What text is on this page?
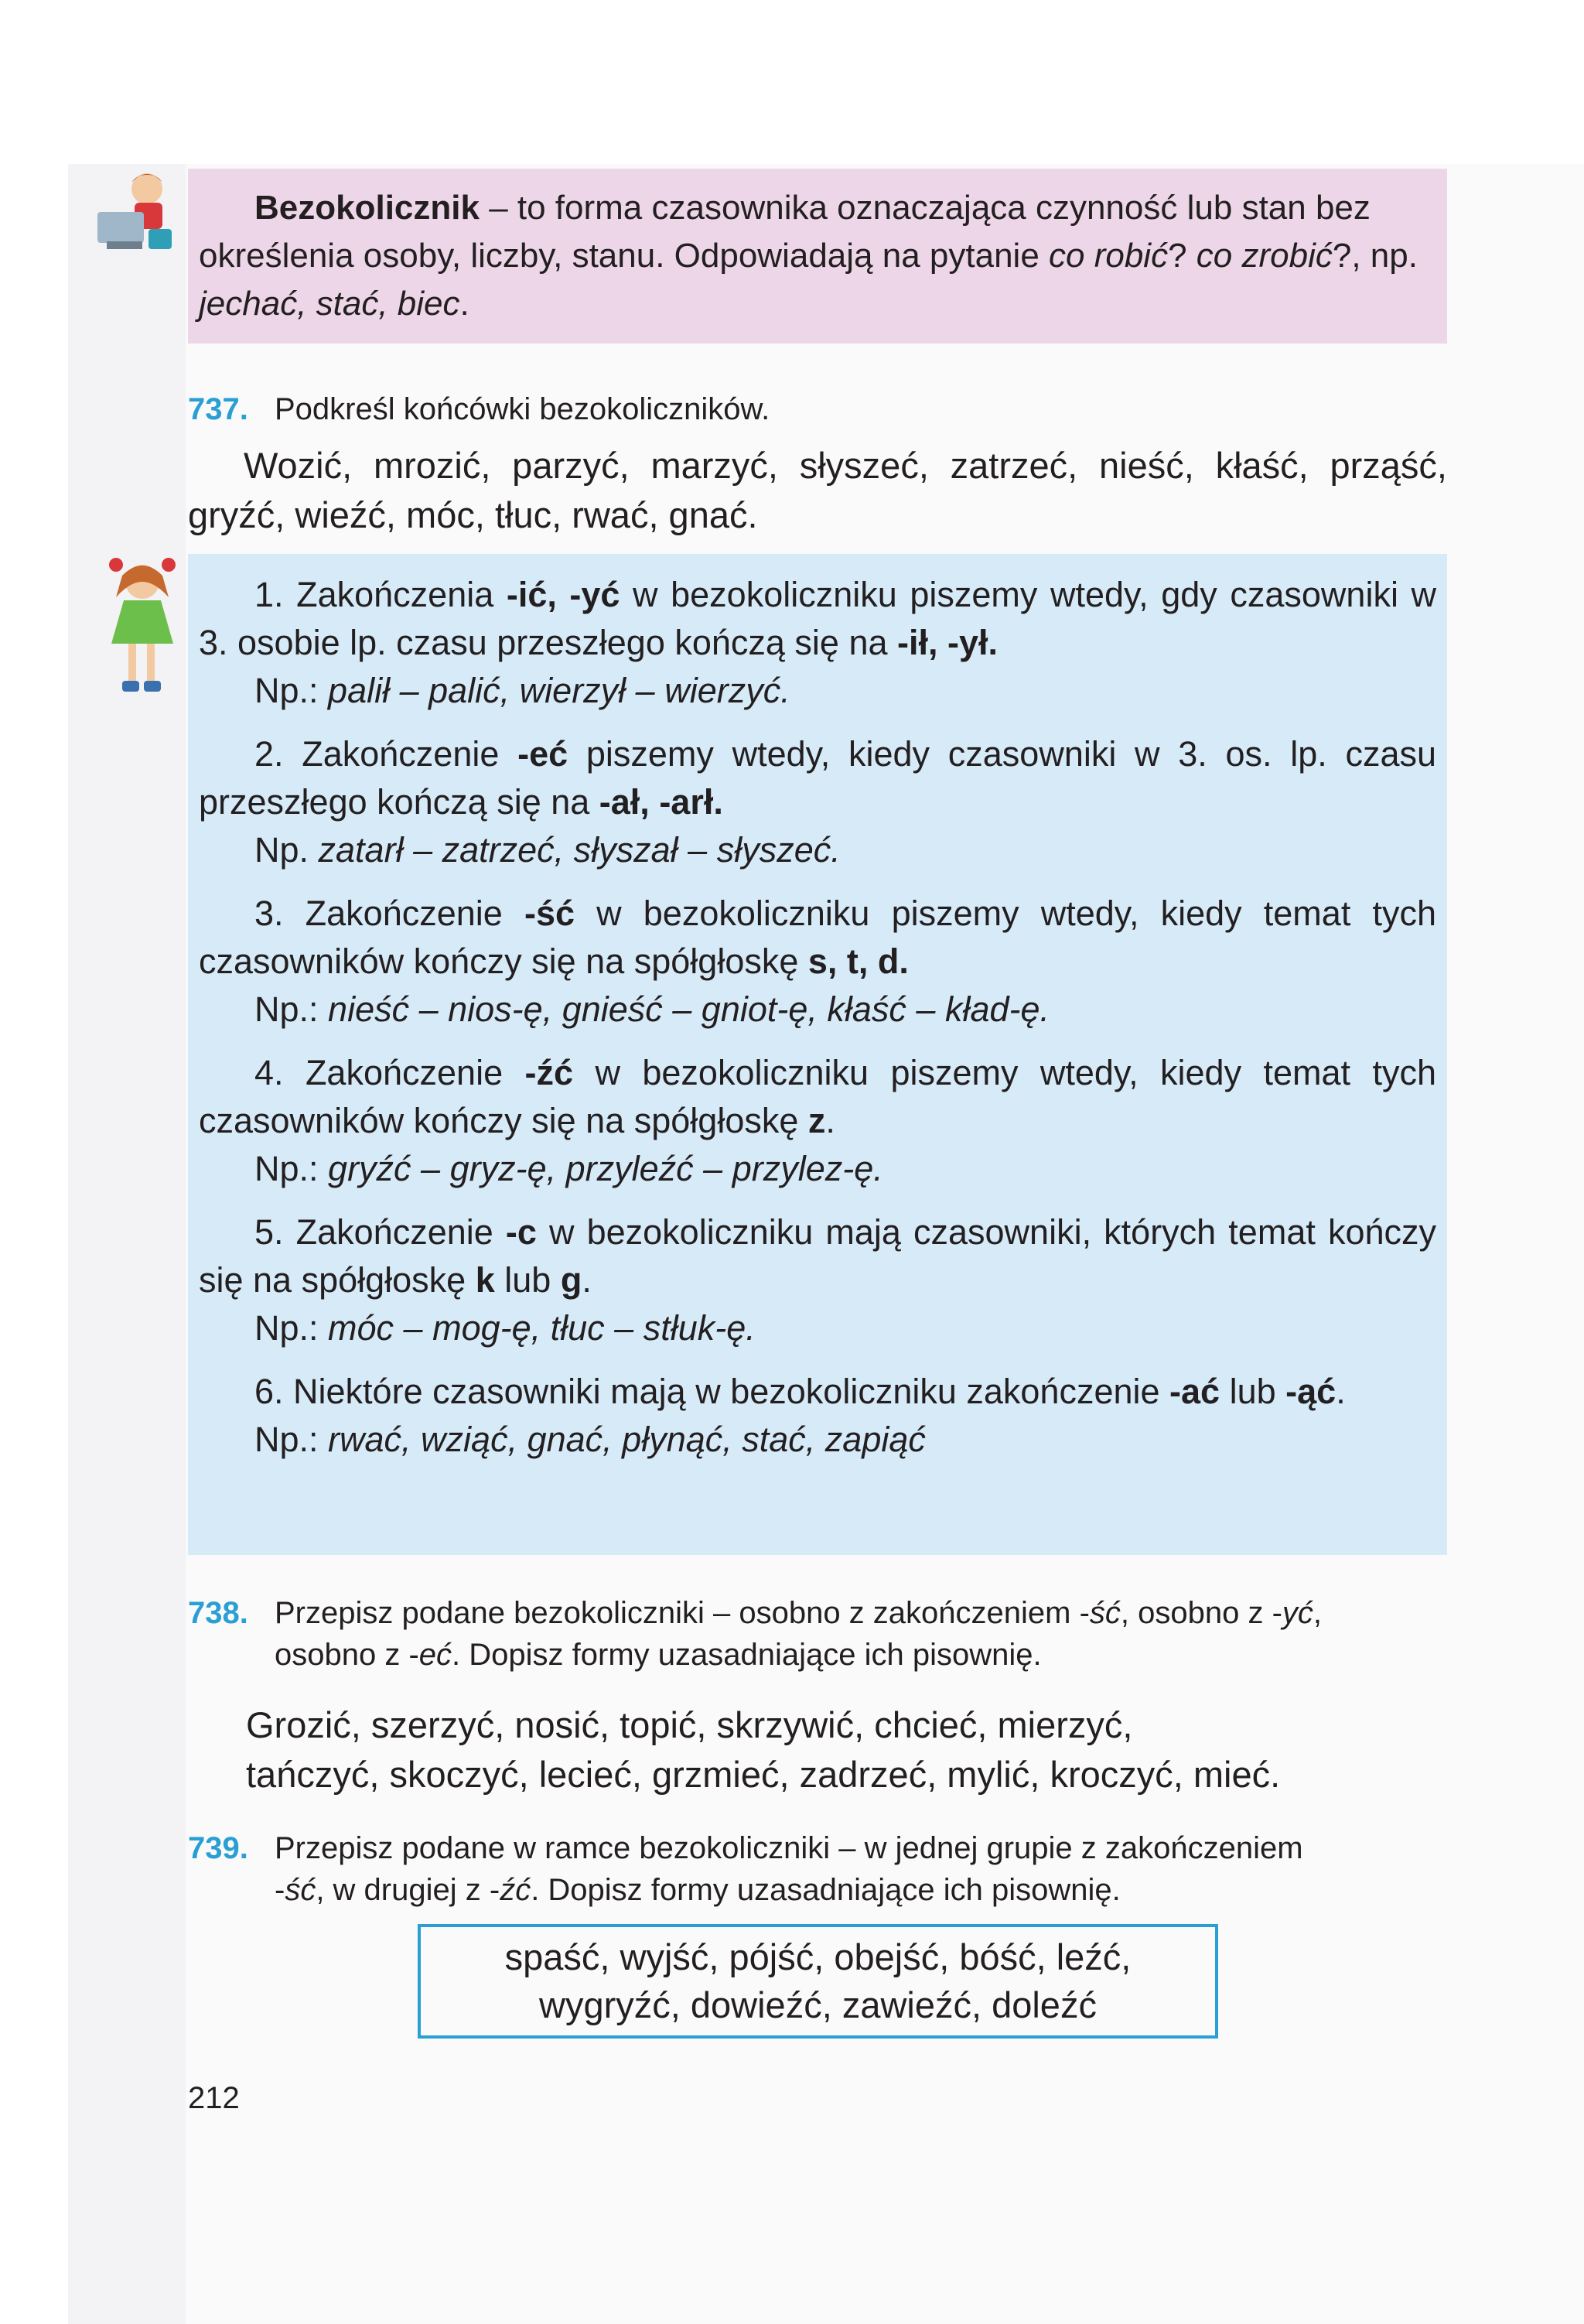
Bezokolicznik – to forma czasownika oznaczająca czynność lub stan bez określenia osoby, liczby, stanu. Odpowiadają na pytanie co robić? co zrobić?, np. jechać, stać, biec.

737. Podkreśl końcówki bezokoliczników.
Wozić, mrozić, parzyć, marzyć, słyszeć, zatrzeć, nieść, kłaść, prząść, gryźć, wieźć, móc, tłuc, rwać, gnać.
1. Zakończenia -ić, -yć w bezokoliczniku piszemy wtedy, gdy czasowniki w 3. osobie lp. czasu przeszłego kończą się na -ił, -ył.
Np.: palił – palić, wierzył – wierzyć.
2. Zakończenie -eć piszemy wtedy, kiedy czasowniki w 3. os. lp. czasu przeszłego kończą się na -ał, -arł.
Np. zatarł – zatrzeć, słyszał – słyszeć.
3. Zakończenie -ść w bezokoliczniku piszemy wtedy, kiedy temat tych czasowników kończy się na spółgłoskę s, t, d.
Np.: nieść – nios-ę, gnieść – gniot-ę, kłaść – kład-ę.
4. Zakończenie -źć w bezokoliczniku piszemy wtedy, kiedy temat tych czasowników kończy się na spółgłoskę z.
Np.: gryźć – gryz-ę, przyleźć – przylez-ę.
5. Zakończenie -c w bezokoliczniku mają czasowniki, których temat kończy się na spółgłoskę k lub g.
Np.: móc – mog-ę, tłuc – stłuk-ę.
6. Niektóre czasowniki mają w bezokoliczniku zakończenie -ać lub -ąć.
Np.: rwać, wziąć, gnać, płynąć, stać, zapiąć
738. Przepisz podane bezokoliczniki – osobno z zakończeniem -ść, osobno z -yć,
osobno z -eć. Dopisz formy uzasadniające ich pisownię.
Grozić, szerzyć, nosić, topić, skrzywić, chcieć, mierzyć,
tańczyć, skoczyć, lecieć, grzmieć, zadrzeć, mylić, kroczyć, mieć.
739. Przepisz podane w ramce bezokoliczniki – w jednej grupie z zakończeniem
-ść, w drugiej z -źć. Dopisz formy uzasadniające ich pisownię.
spaść, wyjść, pójść, obejść, bóść, leźć,
wygryźć, dowieźć, zawieźć, doleźć
212
